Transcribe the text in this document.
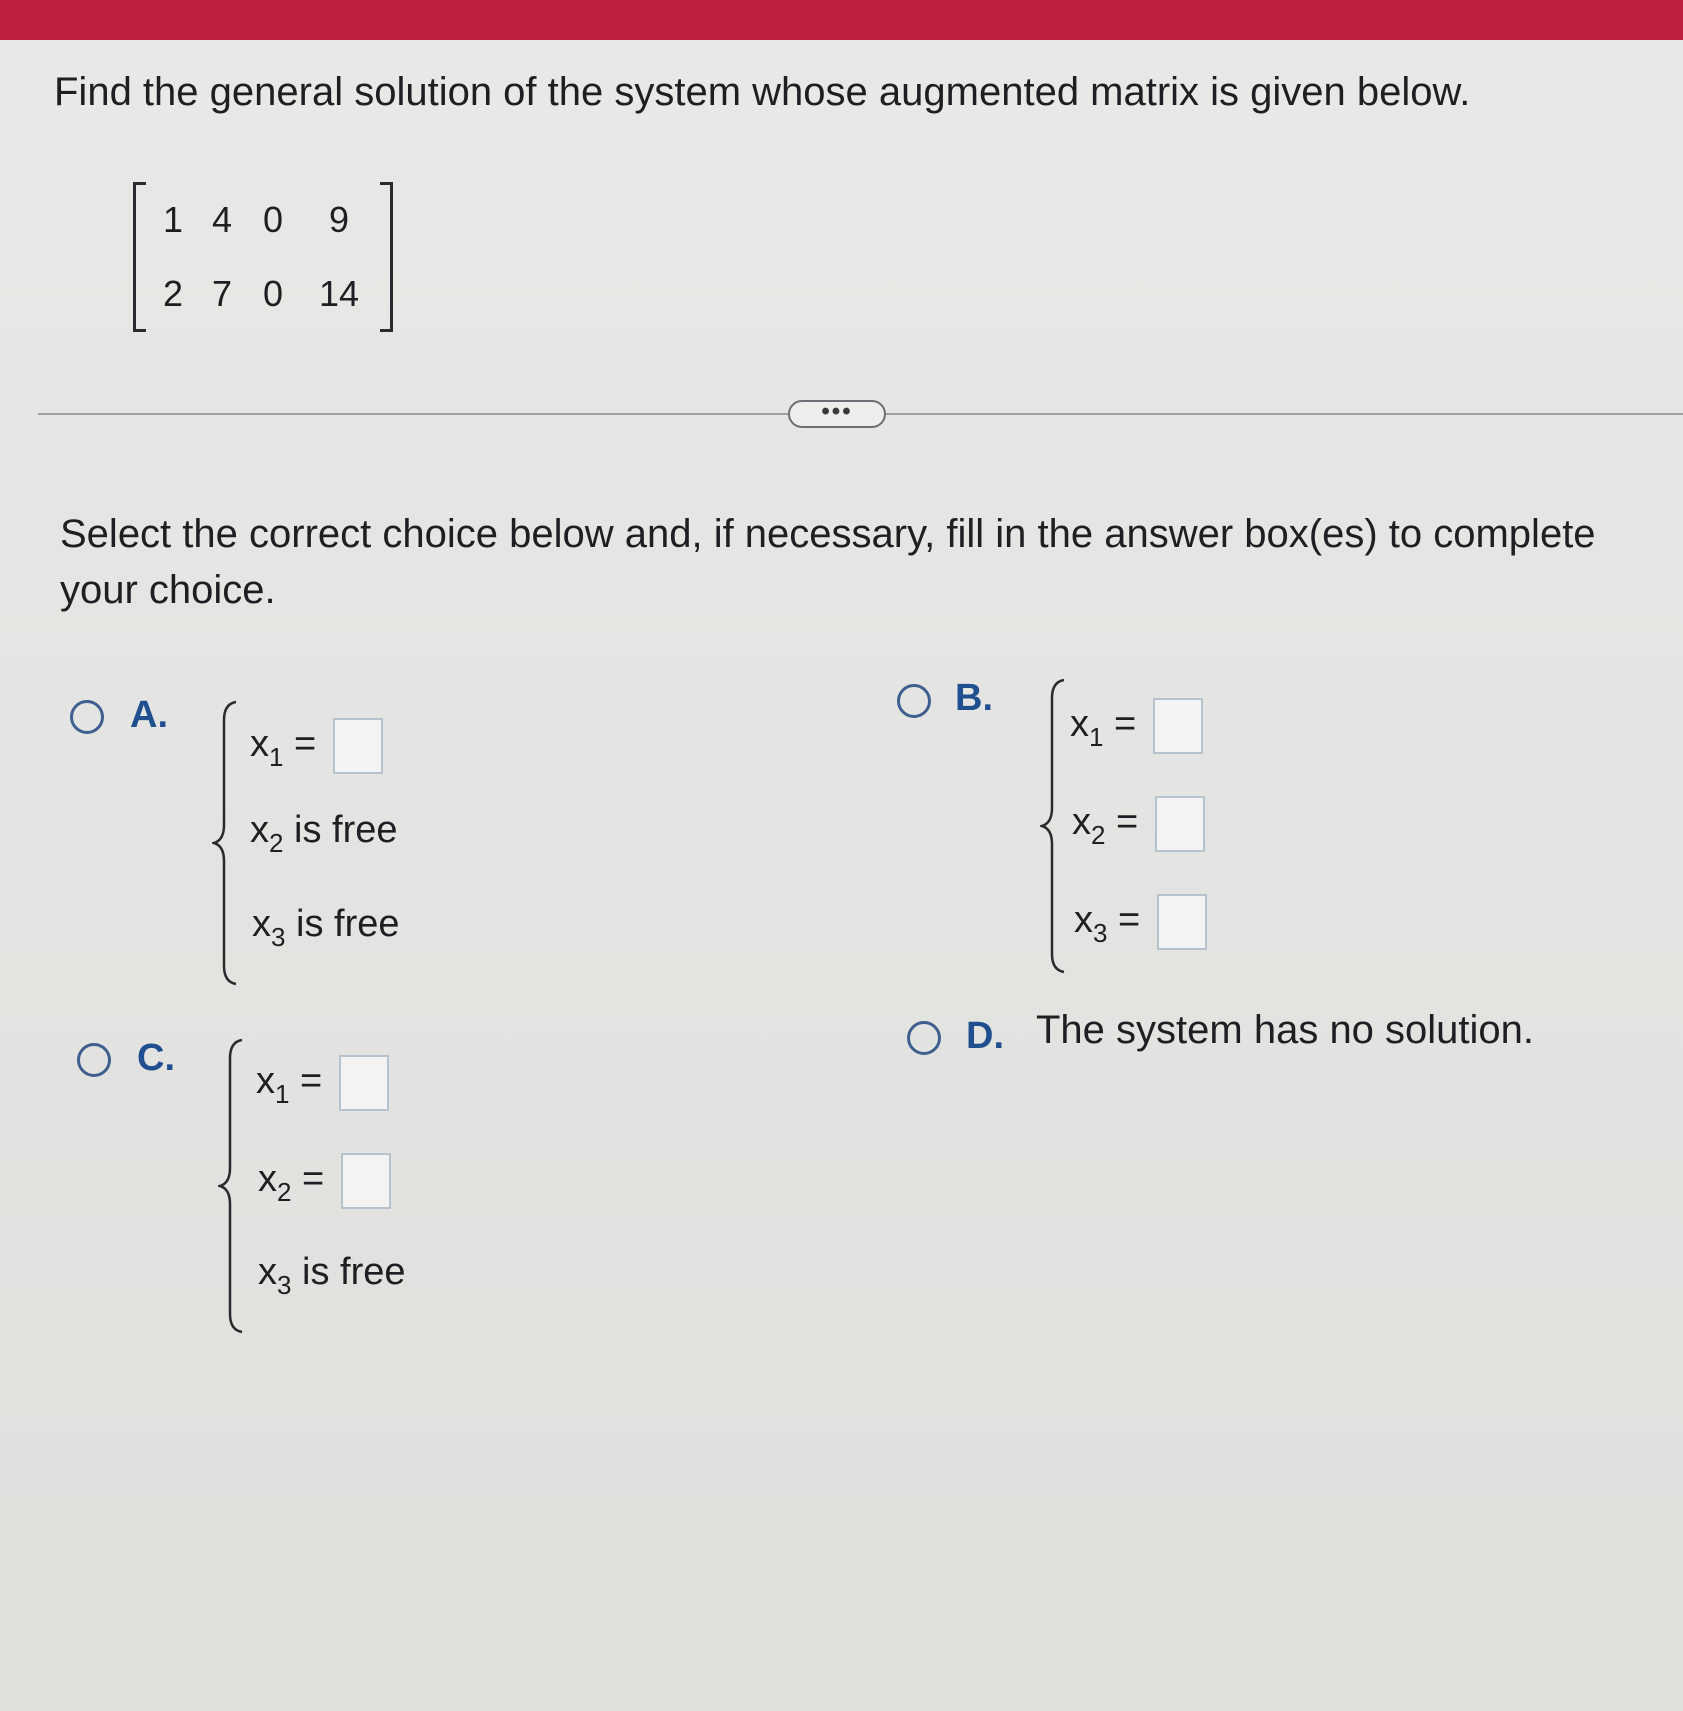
Find the general solution of the system whose augmented matrix is given below.
1 4 0 9
2 7 0 14
•••
Select the correct choice below and, if necessary, fill in the answer box(es) to complete your choice.
A.
$x_1$ =
$x_2$ is free
$x_3$ is free
B.
$x_1$ =
$x_2$ =
$x_3$ =
C.
$x_1$ =
$x_2$ =
$x_3$ is free
D. The system has no solution.
